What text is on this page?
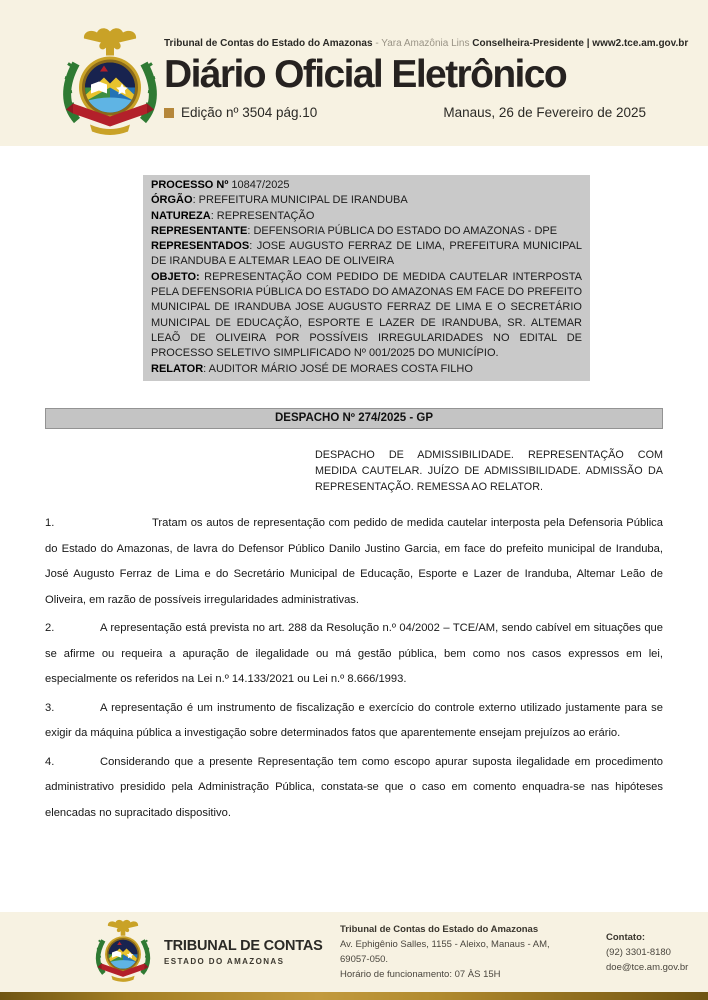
Tribunal de Contas do Estado do Amazonas - Yara Amazônia Lins Conselheira-Presidente | www2.tce.am.gov.br
Diário Oficial Eletrônico
Edição nº 3504 pág.10	Manaus, 26 de Fevereiro de 2025
PROCESSO Nº 10847/2025
ÓRGÃO: PREFEITURA MUNICIPAL DE IRANDUBA
NATUREZA: REPRESENTAÇÃO
REPRESENTANTE: DEFENSORIA PÚBLICA DO ESTADO DO AMAZONAS - DPE
REPRESENTADOS: JOSE AUGUSTO FERRAZ DE LIMA, PREFEITURA MUNICIPAL DE IRANDUBA E ALTEMAR LEAO DE OLIVEIRA
OBJETO: REPRESENTAÇÃO COM PEDIDO DE MEDIDA CAUTELAR INTERPOSTA PELA DEFENSORIA PÚBLICA DO ESTADO DO AMAZONAS EM FACE DO PREFEITO MUNICIPAL DE IRANDUBA JOSE AUGUSTO FERRAZ DE LIMA E O SECRETÁRIO MUNICIPAL DE EDUCAÇÃO, ESPORTE E LAZER DE IRANDUBA, SR. ALTEMAR LEAÕ DE OLIVEIRA POR POSSÍVEIS IRREGULARIDADES NO EDITAL DE PROCESSO SELETIVO SIMPLIFICADO Nº 001/2025 DO MUNICÍPIO.
RELATOR: AUDITOR MÁRIO JOSÉ DE MORAES COSTA FILHO
DESPACHO Nº 274/2025 - GP
DESPACHO DE ADMISSIBILIDADE. REPRESENTAÇÃO COM MEDIDA CAUTELAR. JUÍZO DE ADMISSIBILIDADE. ADMISSÃO DA REPRESENTAÇÃO. REMESSA AO RELATOR.

1.	Tratam os autos de representação com pedido de medida cautelar interposta pela Defensoria Pública do Estado do Amazonas, de lavra do Defensor Público Danilo Justino Garcia, em face do prefeito municipal de Iranduba, José Augusto Ferraz de Lima e do Secretário Municipal de Educação, Esporte e Lazer de Iranduba, Altemar Leão de Oliveira, em razão de possíveis irregularidades administrativas.

2.	A representação está prevista no art. 288 da Resolução n.º 04/2002 – TCE/AM, sendo cabível em situações que se afirme ou requeira a apuração de ilegalidade ou má gestão pública, bem como nos casos expressos em lei, especialmente os referidos na Lei n.º 14.133/2021 ou Lei n.º 8.666/1993.

3.	A representação é um instrumento de fiscalização e exercício do controle externo utilizado justamente para se exigir da máquina pública a investigação sobre determinados fatos que aparentemente ensejam prejuízos ao erário.

4.	Considerando que a presente Representação tem como escopo apurar suposta ilegalidade em procedimento administrativo presidido pela Administração Pública, constata-se que o caso em comento enquadra-se nas hipóteses elencadas no supracitado dispositivo.

TRIBUNAL DE CONTAS
ESTADO DO AMAZONAS
Tribunal de Contas do Estado do Amazonas
Av. Ephigênio Salles, 1155 - Aleixo, Manaus - AM, 69057-050.
Horário de funcionamento: 07 ÀS 15H
Contato:
(92) 3301-8180
doe@tce.am.gov.br
